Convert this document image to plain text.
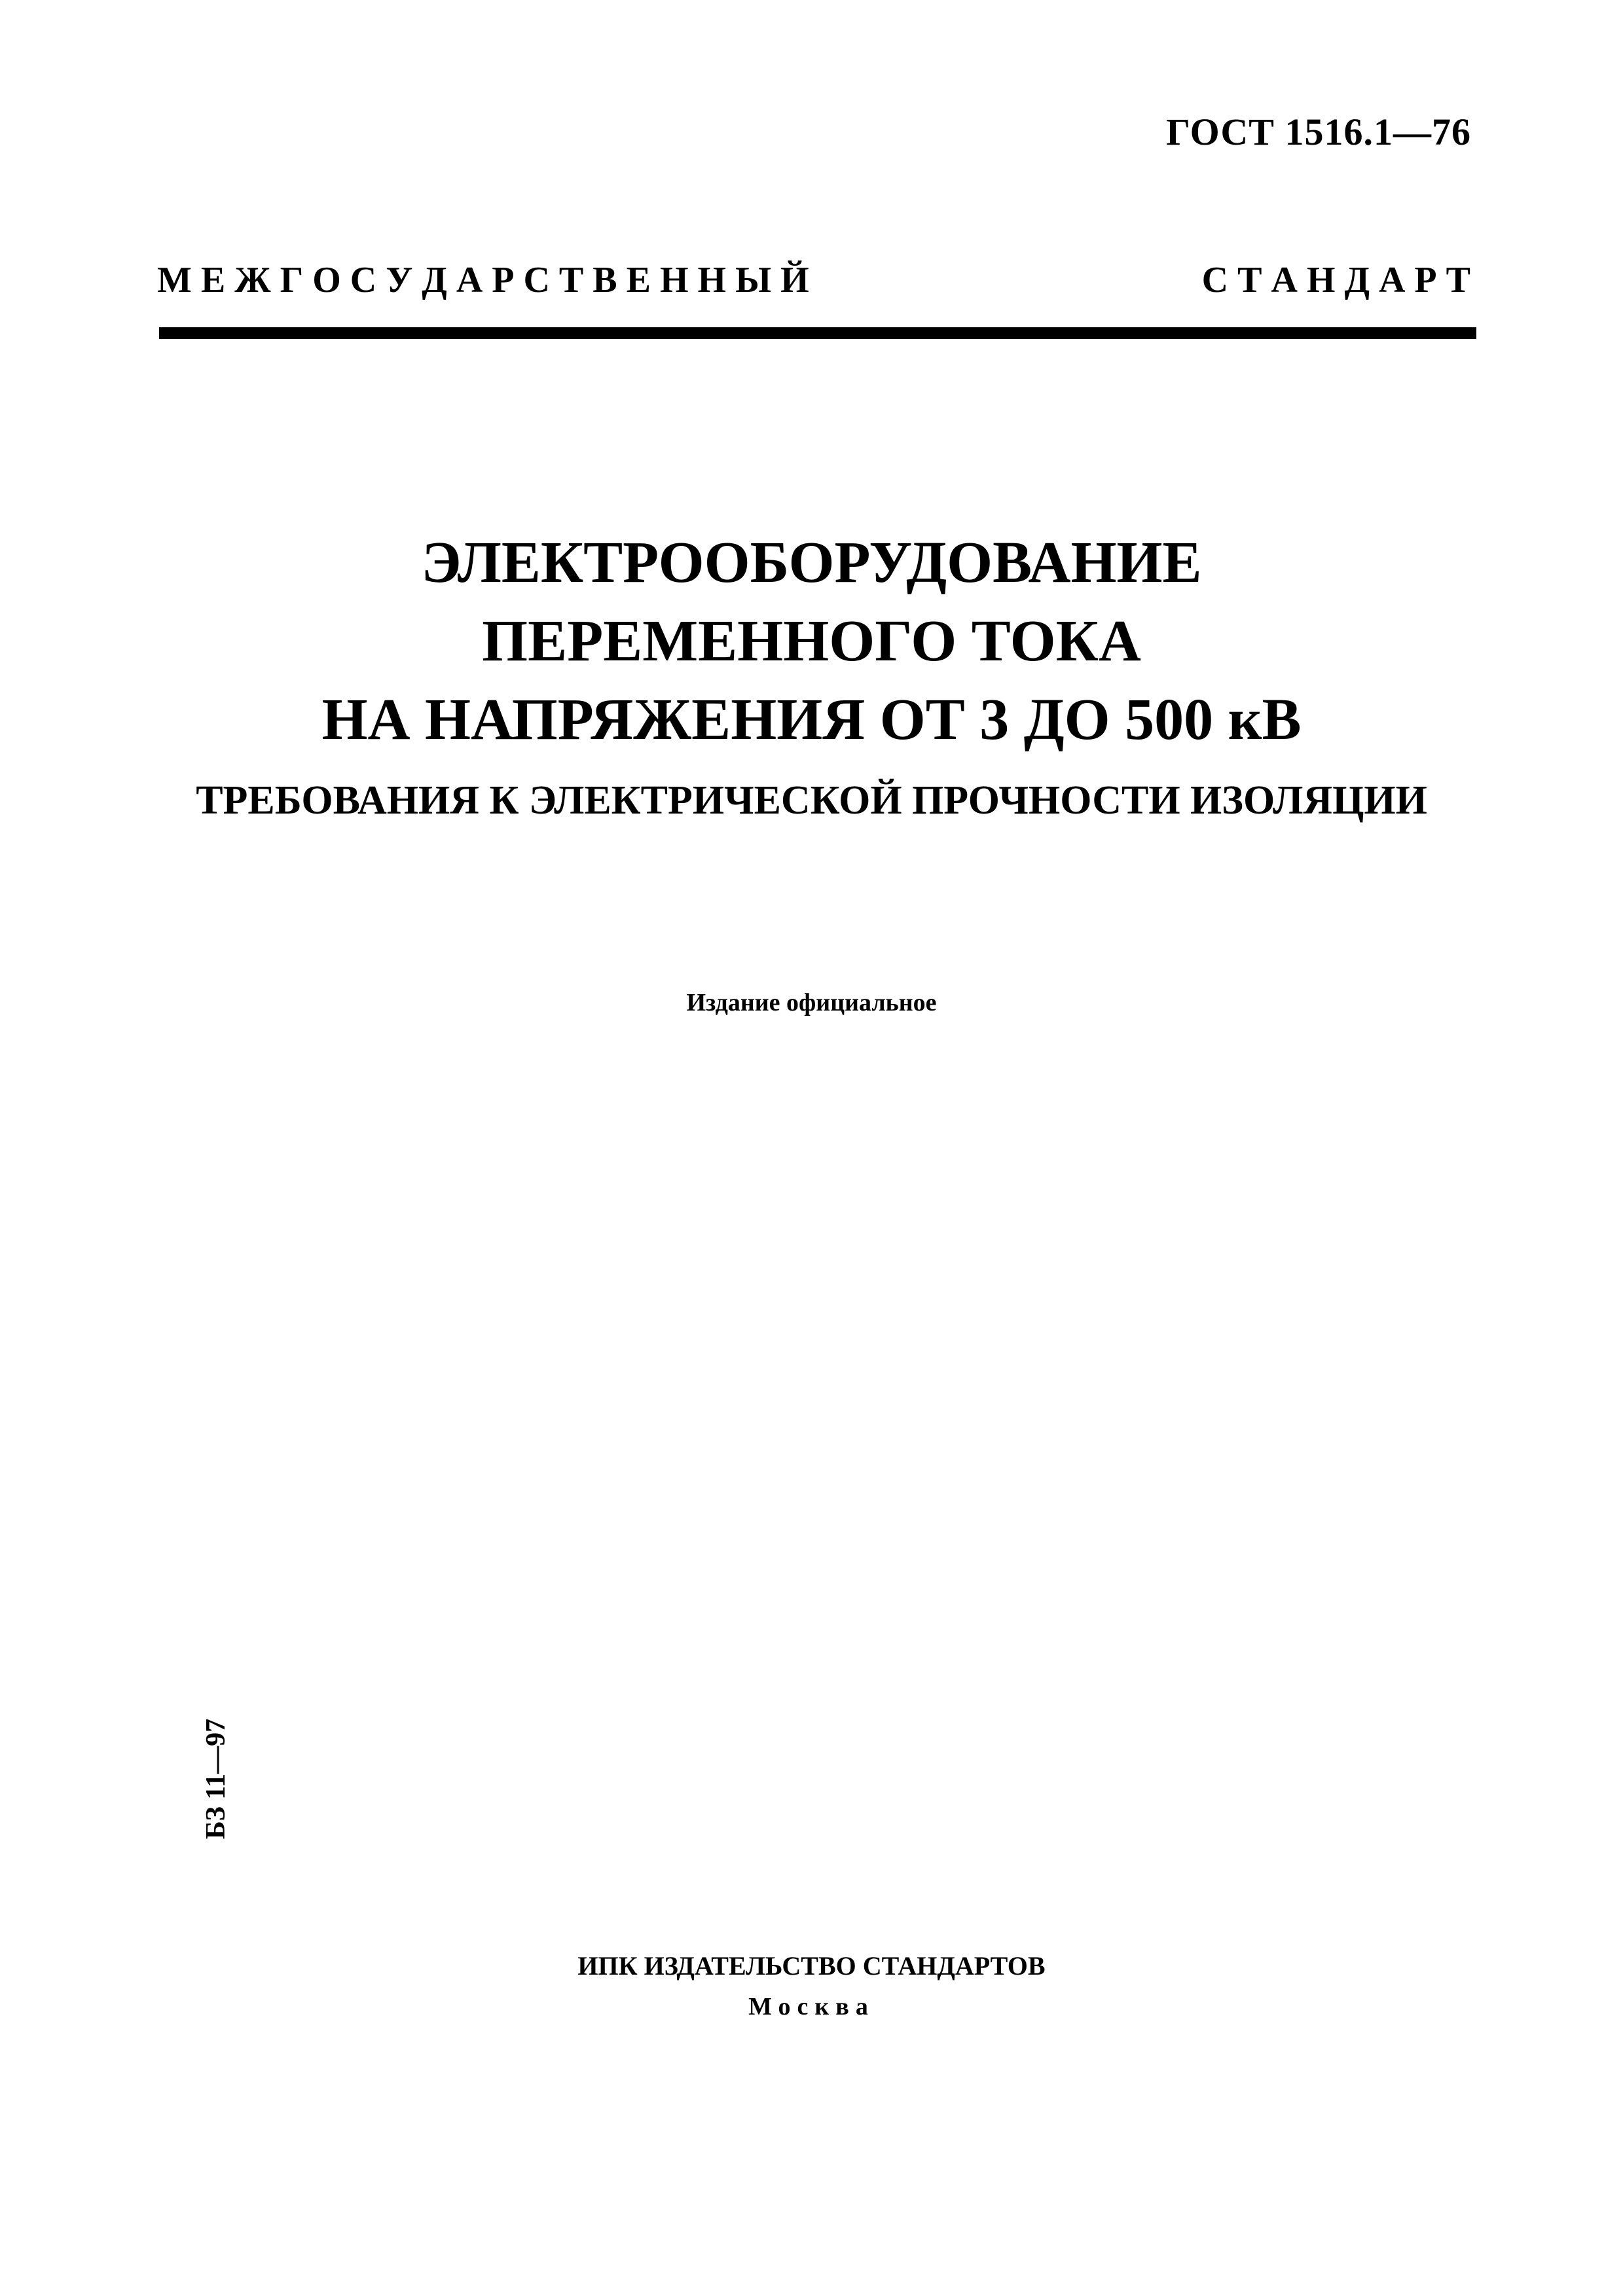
ГОСТ 1516.1—76
М Е Ж Г О С У Д А Р С Т В Е Н Н Ы Й	С Т А Н Д А Р Т
ЭЛЕКТРООБОРУДОВАНИЕ
ПЕРЕМЕННОГО ТОКА
НА НАПРЯЖЕНИЯ ОТ 3 ДО 500 кВ
ТРЕБОВАНИЯ К ЭЛЕКТРИЧЕСКОЙ ПРОЧНОСТИ ИЗОЛЯЦИИ
Издание официальное
БЗ 11—97
ИПК ИЗДАТЕЛЬСТВО СТАНДАРТОВ
Москва
